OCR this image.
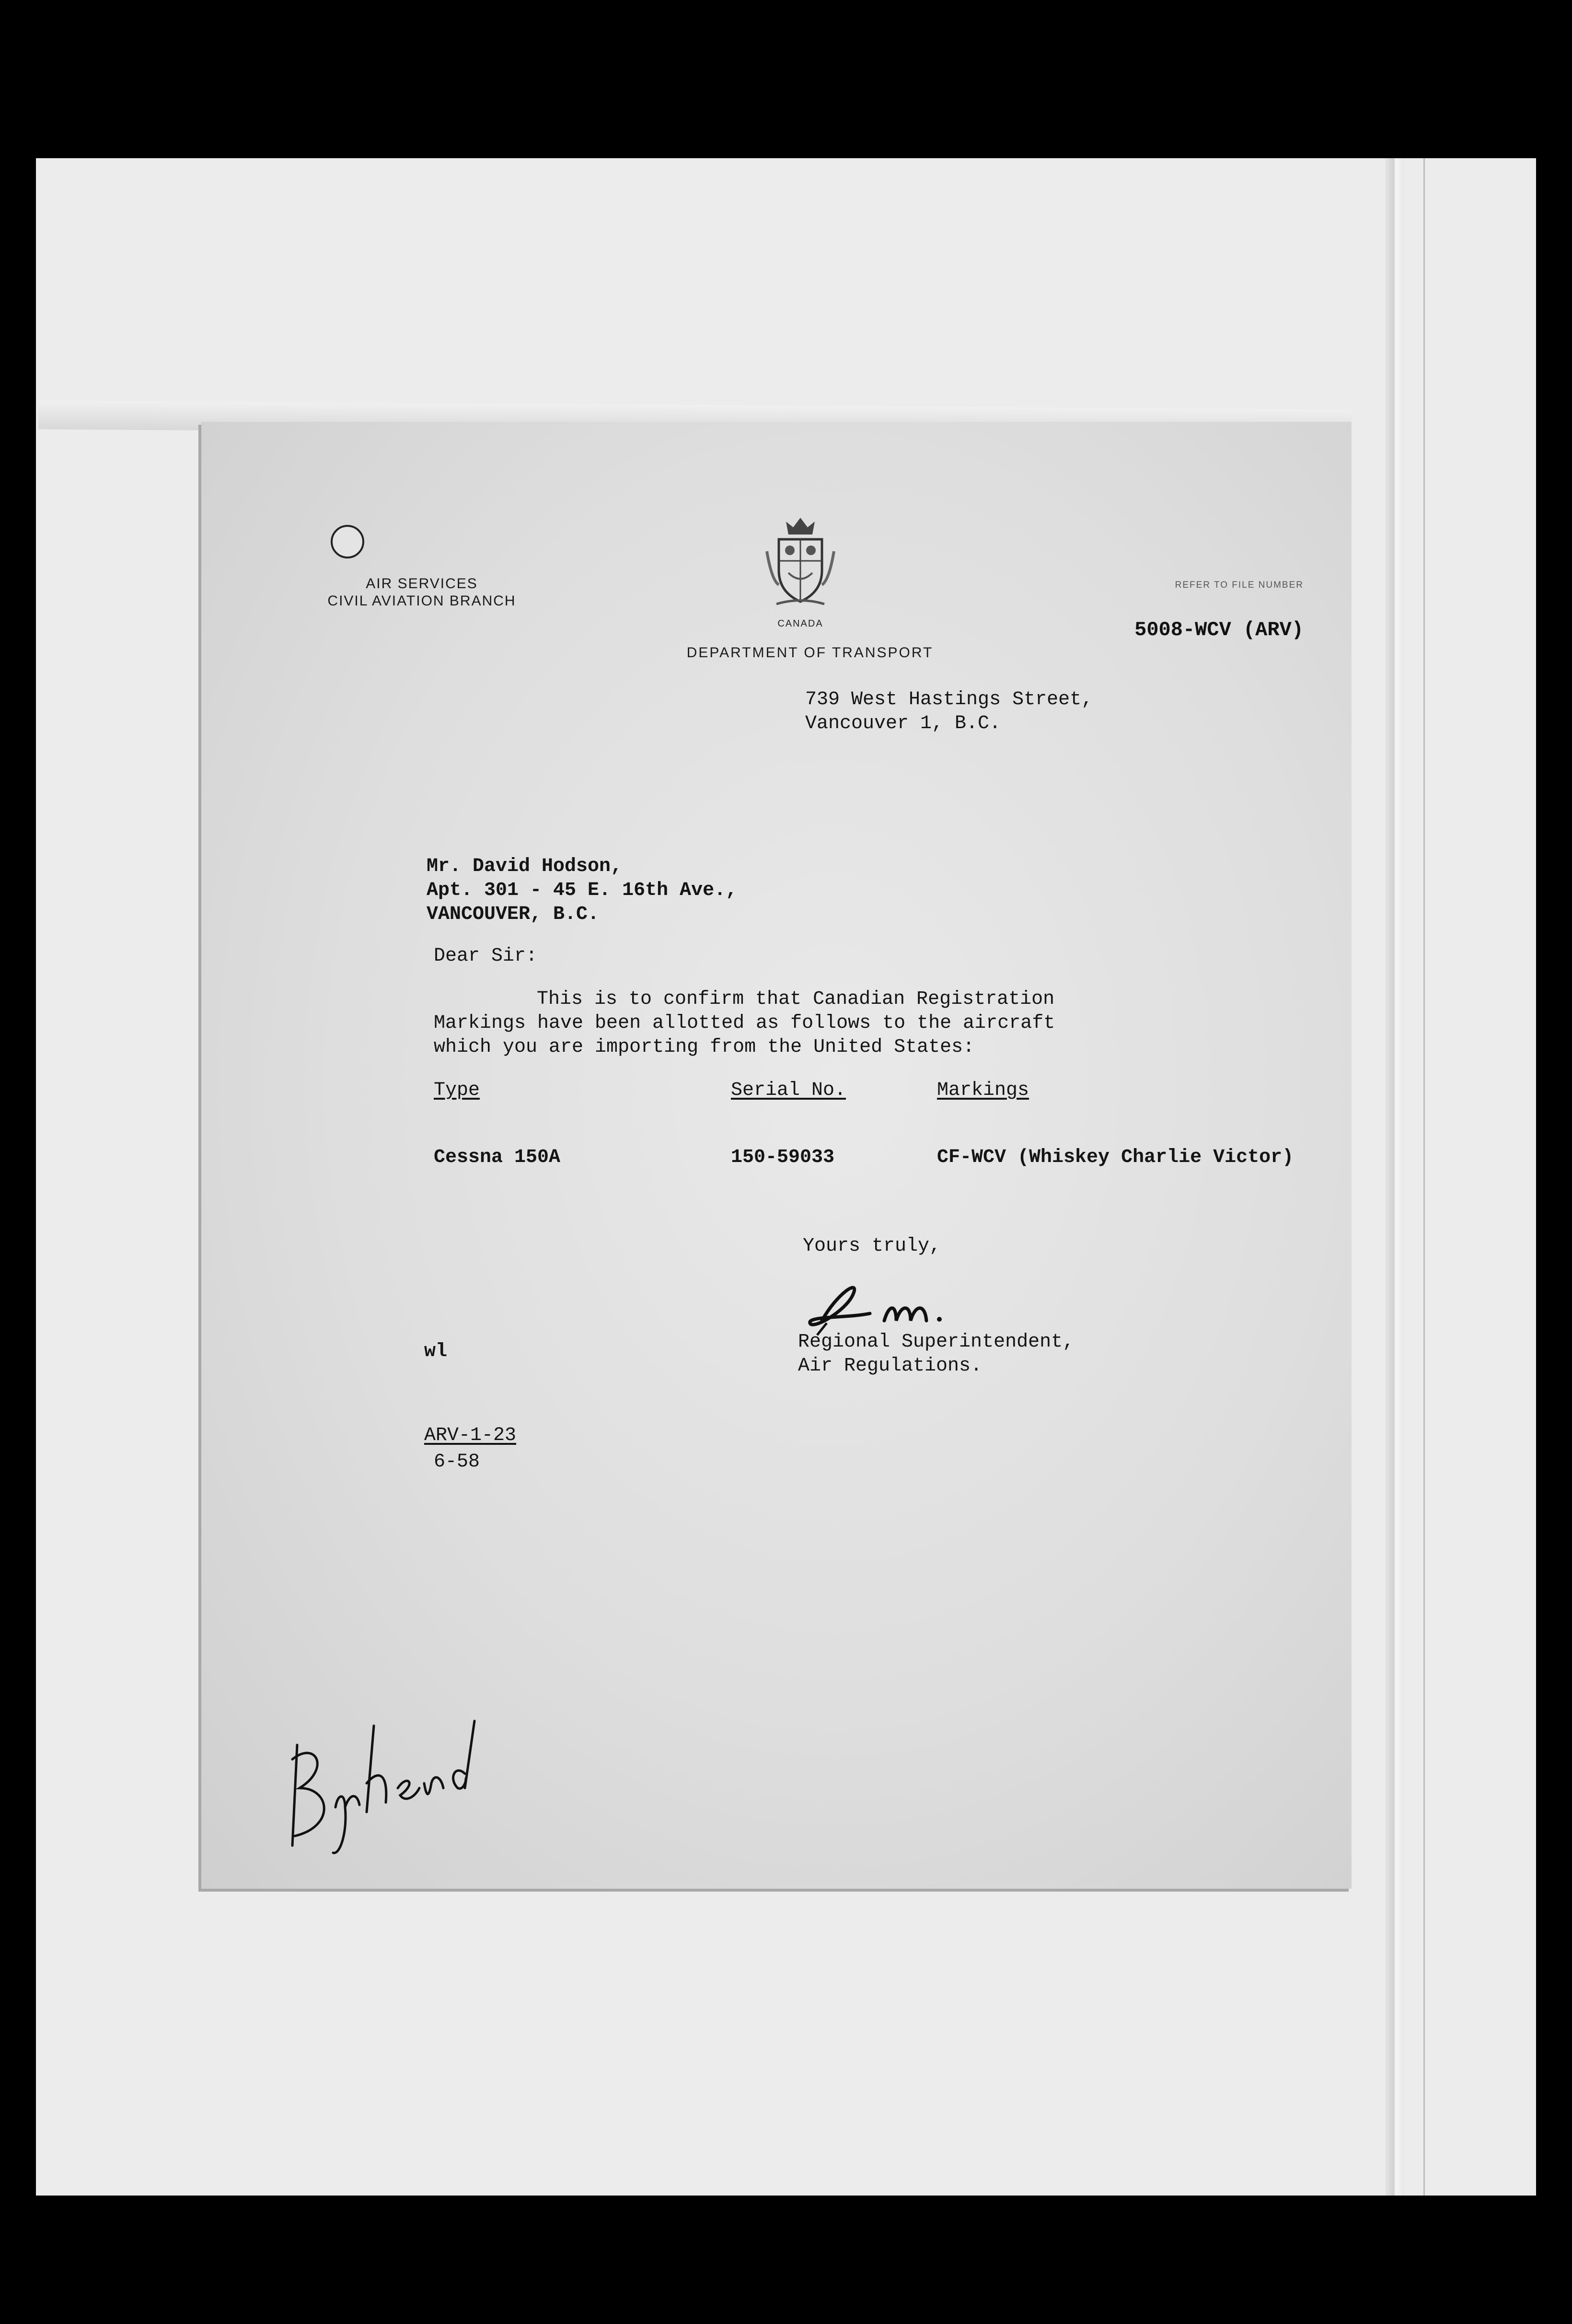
AIR SERVICES
CIVIL AVIATION BRANCH
CANADA
DEPARTMENT OF TRANSPORT
REFER TO FILE NUMBER
5008-WCV (ARV)
739 West Hastings Street,
Vancouver 1, B.C.
Mr. David Hodson,
Apt. 301 - 45 E. 16th Ave.,
VANCOUVER, B.C.
Dear Sir:
This is to confirm that Canadian Registration
Markings have been allotted as follows to the aircraft
which you are importing from the United States:
Type	Serial No.	Markings
Cessna 150A	150-59033	CF-WCV (Whiskey Charlie Victor)
Yours truly,
Regional Superintendent,
Air Regulations.
wl
ARV-1-23
6-58
